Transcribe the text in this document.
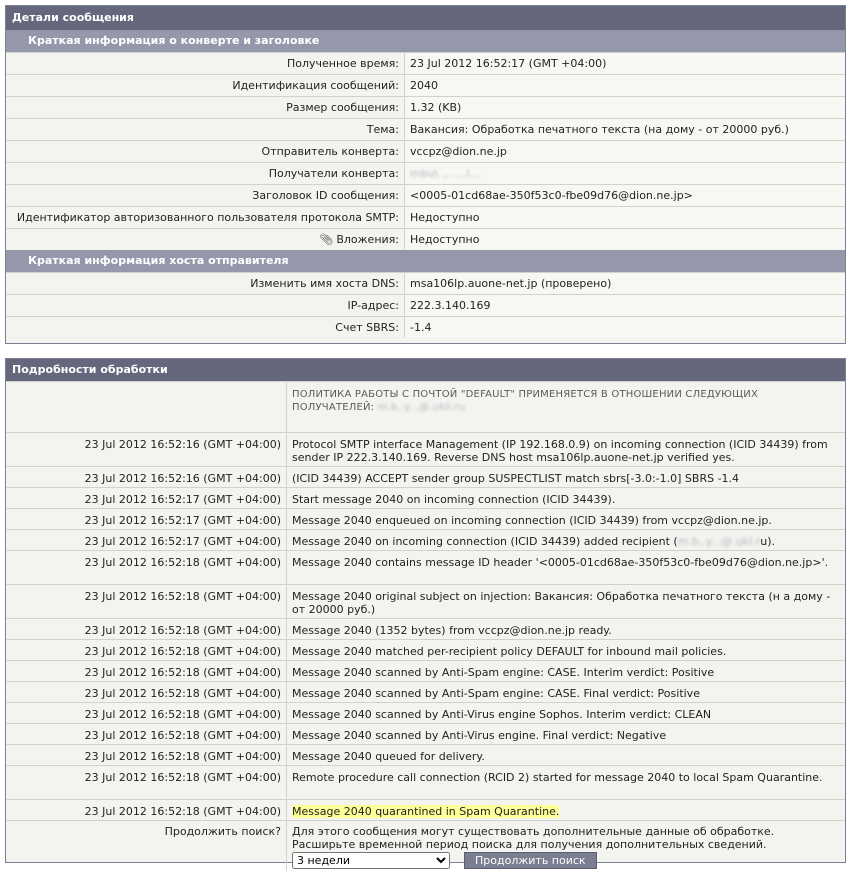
Детали сообщения
Краткая информация о конверте и заголовке
Полученное время:	23 Jul 2012 16:52:17 (GMT +04:00)
Идентификация сообщений:	2040
Размер сообщения:	1.32 (KB)
Тема:	Вакансия: Обработка печатного текста (на дому - от 20000 руб.)
Отправитель конверта:	vccpz@dion.ne.jp
Получатели конверта:	mbu\ ,, ...,l...
Заголовок ID сообщения:	<0005-01cd68ae-350f53c0-fbe09d76@dion.ne.jp>
Идентификатор авторизованного пользователя протокола SMTP:	Недоступно
📎︎ Вложения:	Недоступно
Краткая информация хоста отправителя
Изменить имя хоста DNS:	msa106lp.auone-net.jp (проверено)
IP-адрес:	222.3.140.169
Счет SBRS:	-1.4
Подробности обработки
	ПОЛИТИКА РАБОТЫ С ПОЧТОЙ "DEFAULT" ПРИМЕНЯЕТСЯ В ОТНОШЕНИИ СЛЕДУЮЩИХ
ПОЛУЧАТЕЛЕЙ: m.b..y...@.ukli.ru
23 Jul 2012 16:52:16 (GMT +04:00)	Protocol SMTP interface Management (IP 192.168.0.9) on incoming connection (ICID 34439) from sender IP 222.3.140.169. Reverse DNS host msa106lp.auone-net.jp verified yes.
23 Jul 2012 16:52:16 (GMT +04:00)	(ICID 34439) ACCEPT sender group SUSPECTLIST match sbrs[-3.0:-1.0] SBRS -1.4
23 Jul 2012 16:52:17 (GMT +04:00)	Start message 2040 on incoming connection (ICID 34439).
23 Jul 2012 16:52:17 (GMT +04:00)	Message 2040 enqueued on incoming connection (ICID 34439) from vccpz@dion.ne.jp.
23 Jul 2012 16:52:17 (GMT +04:00)	Message 2040 on incoming connection (ICID 34439) added recipient (m.b..y...@.ukl.ru).
23 Jul 2012 16:52:18 (GMT +04:00)	Message 2040 contains message ID header '<0005-01cd68ae-350f53c0-fbe09d76@dion.ne.jp>'.
23 Jul 2012 16:52:18 (GMT +04:00)	Message 2040 original subject on injection: Вакансия: Обработка печатного текста (н а дому - от 20000 руб.)
23 Jul 2012 16:52:18 (GMT +04:00)	Message 2040 (1352 bytes) from vccpz@dion.ne.jp ready.
23 Jul 2012 16:52:18 (GMT +04:00)	Message 2040 matched per-recipient policy DEFAULT for inbound mail policies.
23 Jul 2012 16:52:18 (GMT +04:00)	Message 2040 scanned by Anti-Spam engine: CASE. Interim verdict: Positive
23 Jul 2012 16:52:18 (GMT +04:00)	Message 2040 scanned by Anti-Spam engine: CASE. Final verdict: Positive
23 Jul 2012 16:52:18 (GMT +04:00)	Message 2040 scanned by Anti-Virus engine Sophos. Interim verdict: CLEAN
23 Jul 2012 16:52:18 (GMT +04:00)	Message 2040 scanned by Anti-Virus engine. Final verdict: Negative
23 Jul 2012 16:52:18 (GMT +04:00)	Message 2040 queued for delivery.
23 Jul 2012 16:52:18 (GMT +04:00)	Remote procedure call connection (RCID 2) started for message 2040 to local Spam Quarantine.
23 Jul 2012 16:52:18 (GMT +04:00)	Message 2040 quarantined in Spam Quarantine.
Продолжить поиск?	Для этого сообщения могут существовать дополнительные данные об обработке.
Расширьте временной период поиска для получения дополнительных сведений.
3 неделиПродолжить поиск
